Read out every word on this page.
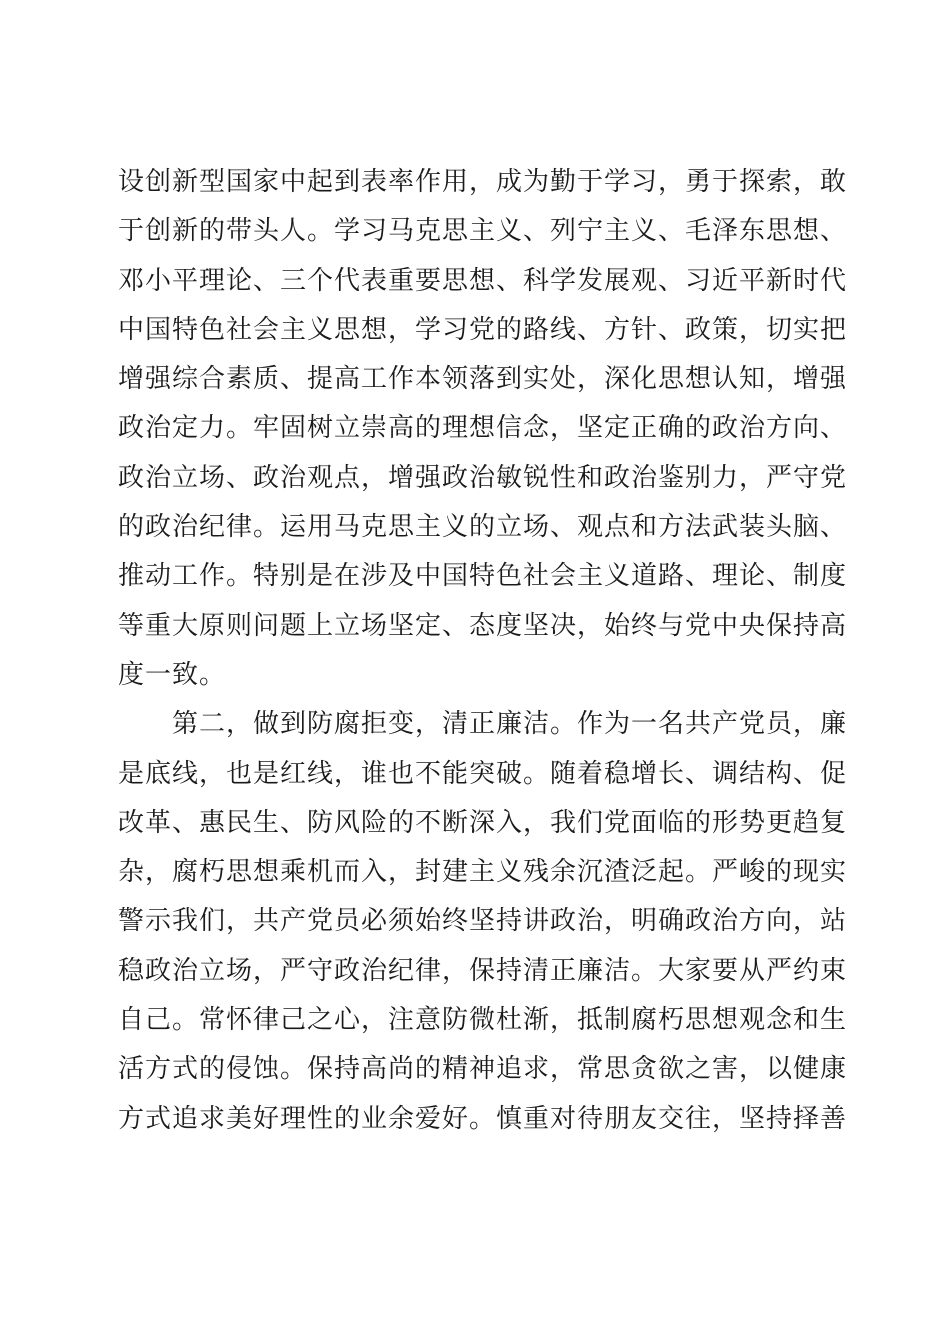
设创新型国家中起到表率作用，成为勤于学习，勇于探索，敢
于创新的带头人。学习马克思主义、列宁主义、毛泽东思想、
邓小平理论、三个代表重要思想、科学发展观、习近平新时代
中国特色社会主义思想，学习党的路线、方针、政策，切实把
增强综合素质、提高工作本领落到实处，深化思想认知，增强
政治定力。牢固树立崇高的理想信念，坚定正确的政治方向、
政治立场、政治观点，增强政治敏锐性和政治鉴别力，严守党
的政治纪律。运用马克思主义的立场、观点和方法武装头脑、
推动工作。特别是在涉及中国特色社会主义道路、理论、制度
等重大原则问题上立场坚定、态度坚决，始终与党中央保持高
度一致。
第二，做到防腐拒变，清正廉洁。作为一名共产党员，廉
是底线，也是红线，谁也不能突破。随着稳增长、调结构、促
改革、惠民生、防风险的不断深入，我们党面临的形势更趋复
杂，腐朽思想乘机而入，封建主义残余沉渣泛起。严峻的现实
警示我们，共产党员必须始终坚持讲政治，明确政治方向，站
稳政治立场，严守政治纪律，保持清正廉洁。大家要从严约束
自己。常怀律己之心，注意防微杜渐，抵制腐朽思想观念和生
活方式的侵蚀。保持高尚的精神追求，常思贪欲之害，以健康
方式追求美好理性的业余爱好。慎重对待朋友交往，坚持择善
